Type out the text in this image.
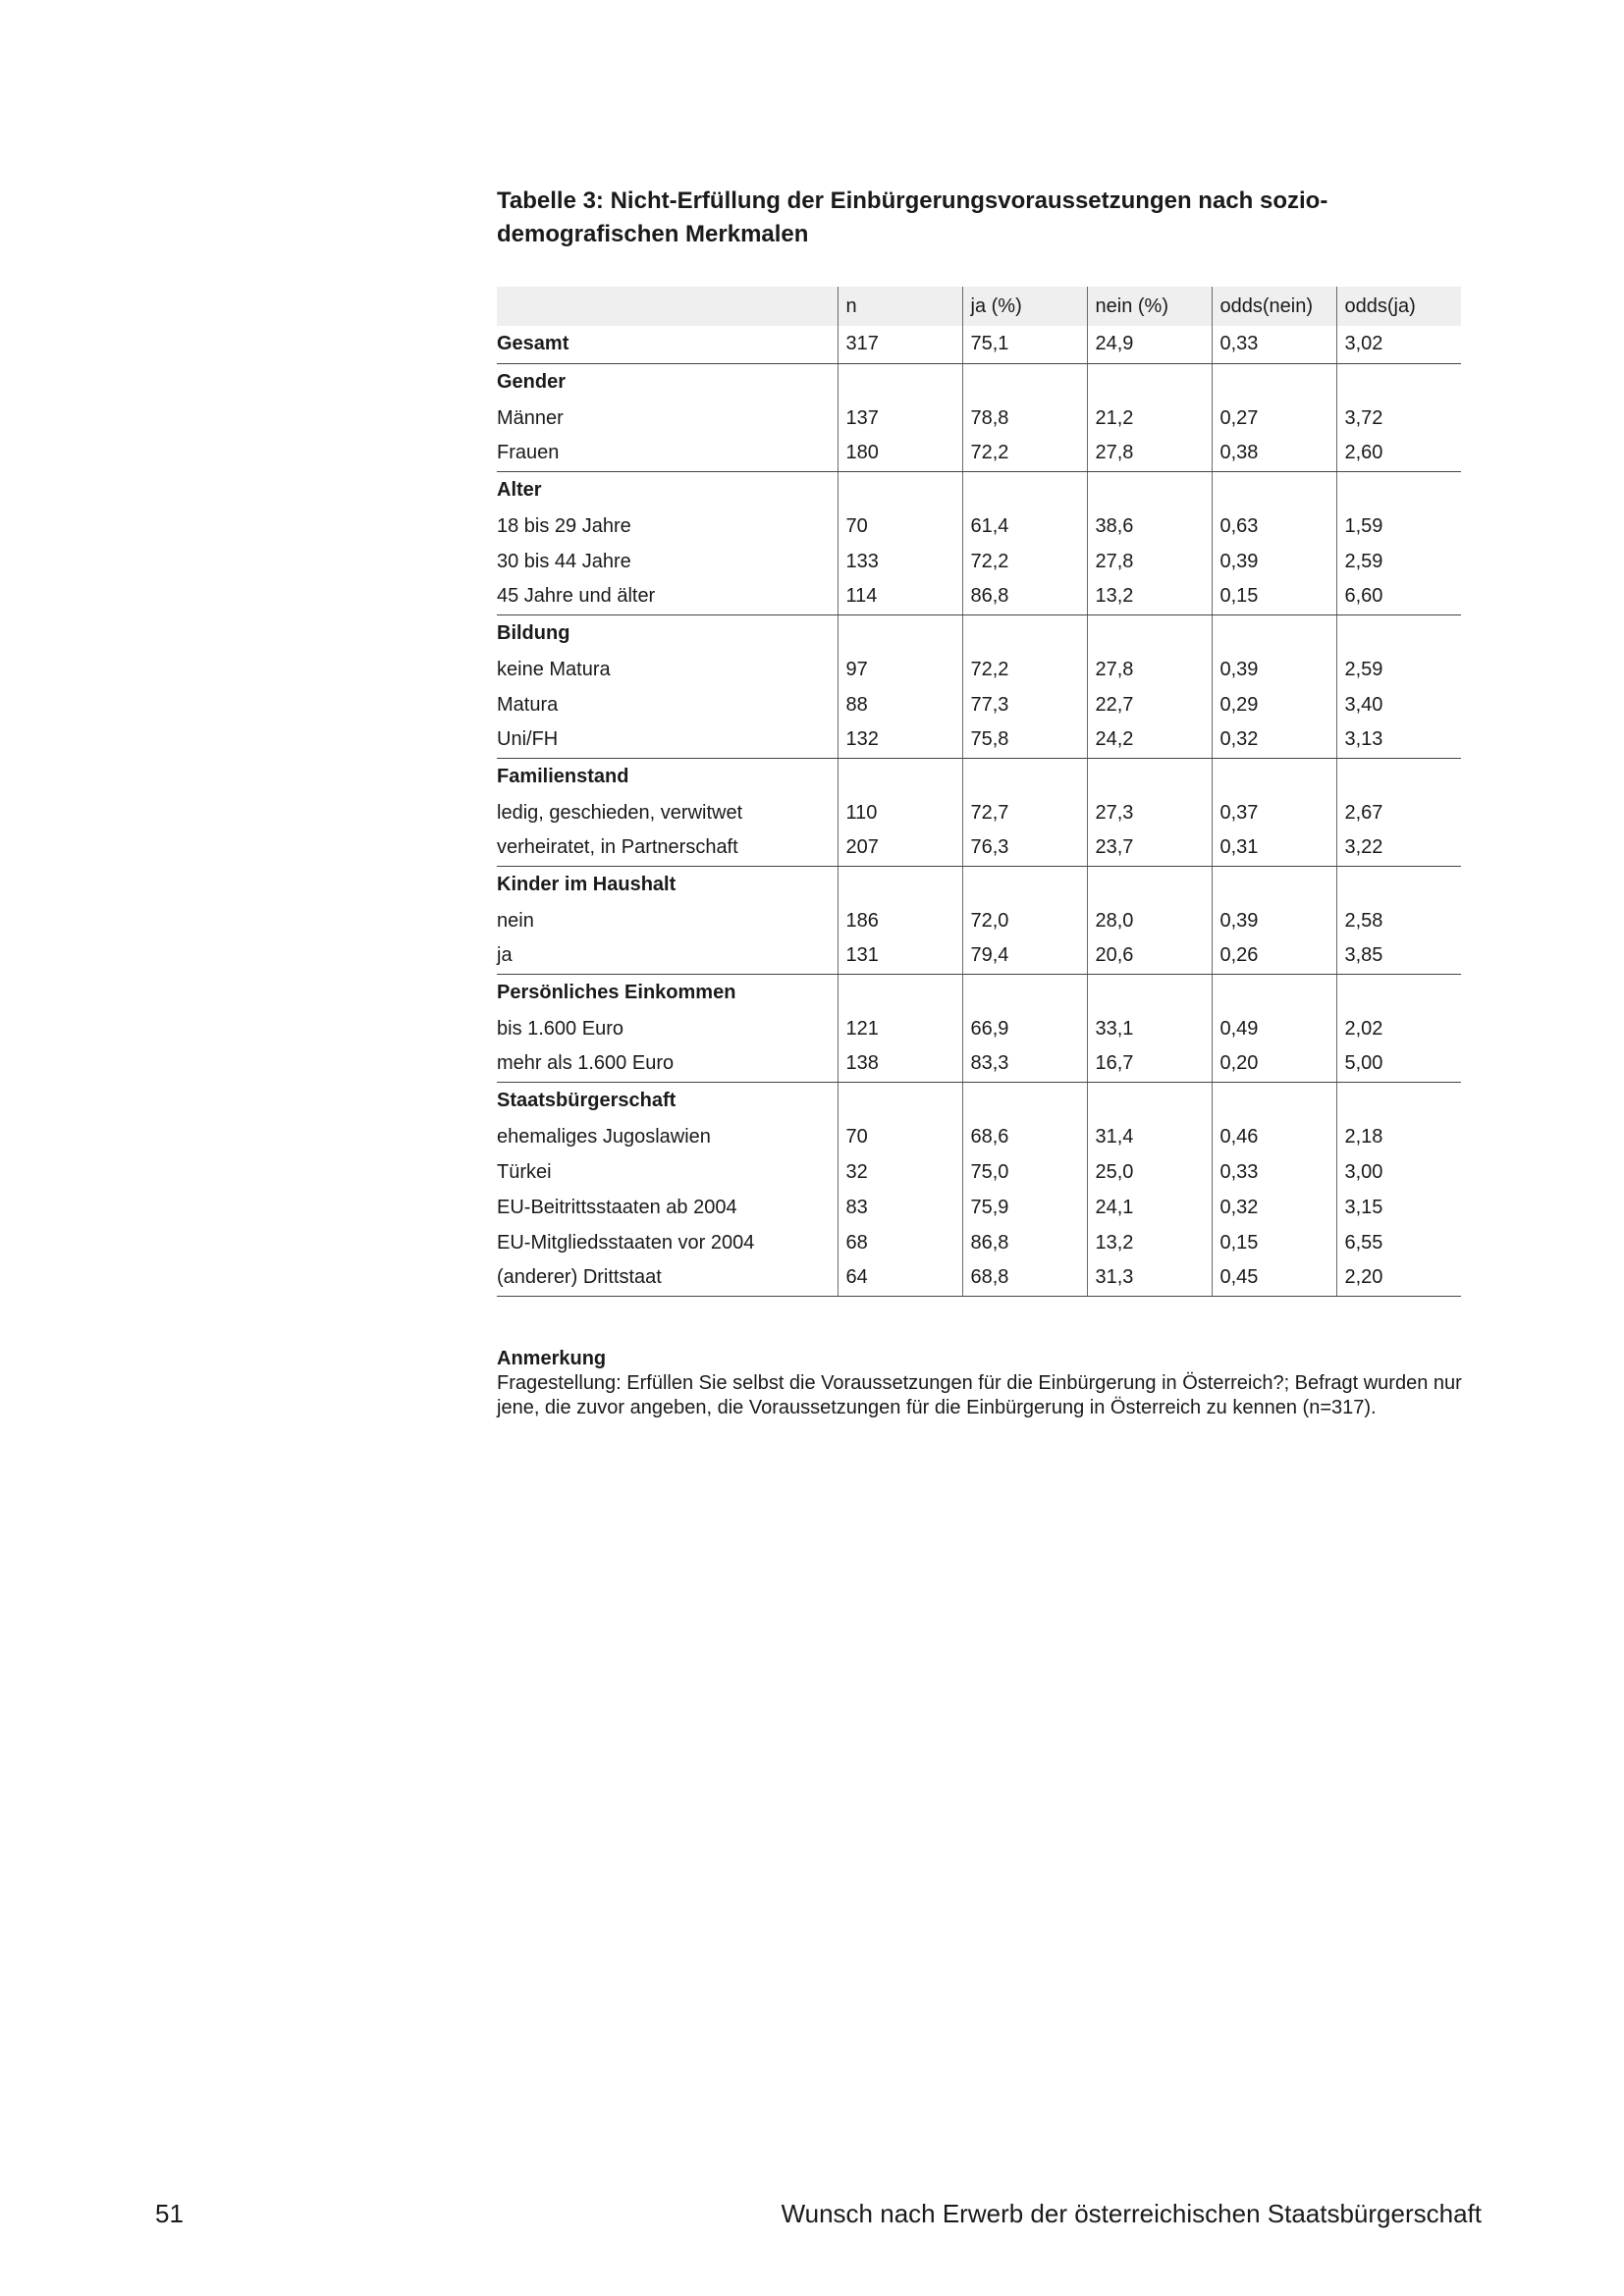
Tabelle 3: Nicht-Erfüllung der Einbürgerungsvoraussetzungen nach sozio-demografischen Merkmalen
	n	ja (%)	nein (%)	odds(nein)	odds(ja)
Gesamt	317	75,1	24,9	0,33	3,02
Gender					
Männer	137	78,8	21,2	0,27	3,72
Frauen	180	72,2	27,8	0,38	2,60
Alter					
18 bis 29 Jahre	70	61,4	38,6	0,63	1,59
30 bis 44 Jahre	133	72,2	27,8	0,39	2,59
45 Jahre und älter	114	86,8	13,2	0,15	6,60
Bildung					
keine Matura	97	72,2	27,8	0,39	2,59
Matura	88	77,3	22,7	0,29	3,40
Uni/FH	132	75,8	24,2	0,32	3,13
Familienstand					
ledig, geschieden, verwitwet	110	72,7	27,3	0,37	2,67
verheiratet, in Partnerschaft	207	76,3	23,7	0,31	3,22
Kinder im Haushalt					
nein	186	72,0	28,0	0,39	2,58
ja	131	79,4	20,6	0,26	3,85
Persönliches Einkommen					
bis 1.600 Euro	121	66,9	33,1	0,49	2,02
mehr als 1.600 Euro	138	83,3	16,7	0,20	5,00
Staatsbürgerschaft					
ehemaliges Jugoslawien	70	68,6	31,4	0,46	2,18
Türkei	32	75,0	25,0	0,33	3,00
EU-Beitrittsstaaten ab 2004	83	75,9	24,1	0,32	3,15
EU-Mitgliedsstaaten vor 2004	68	86,8	13,2	0,15	6,55
(anderer) Drittstaat	64	68,8	31,3	0,45	2,20
Anmerkung
Fragestellung: Erfüllen Sie selbst die Voraussetzungen für die Einbürgerung in Österreich?; Befragt wurden nur jene, die zuvor angeben, die Voraussetzungen für die Einbürgerung in Österreich zu kennen (n=317).
51	Wunsch nach Erwerb der österreichischen Staatsbürgerschaft
